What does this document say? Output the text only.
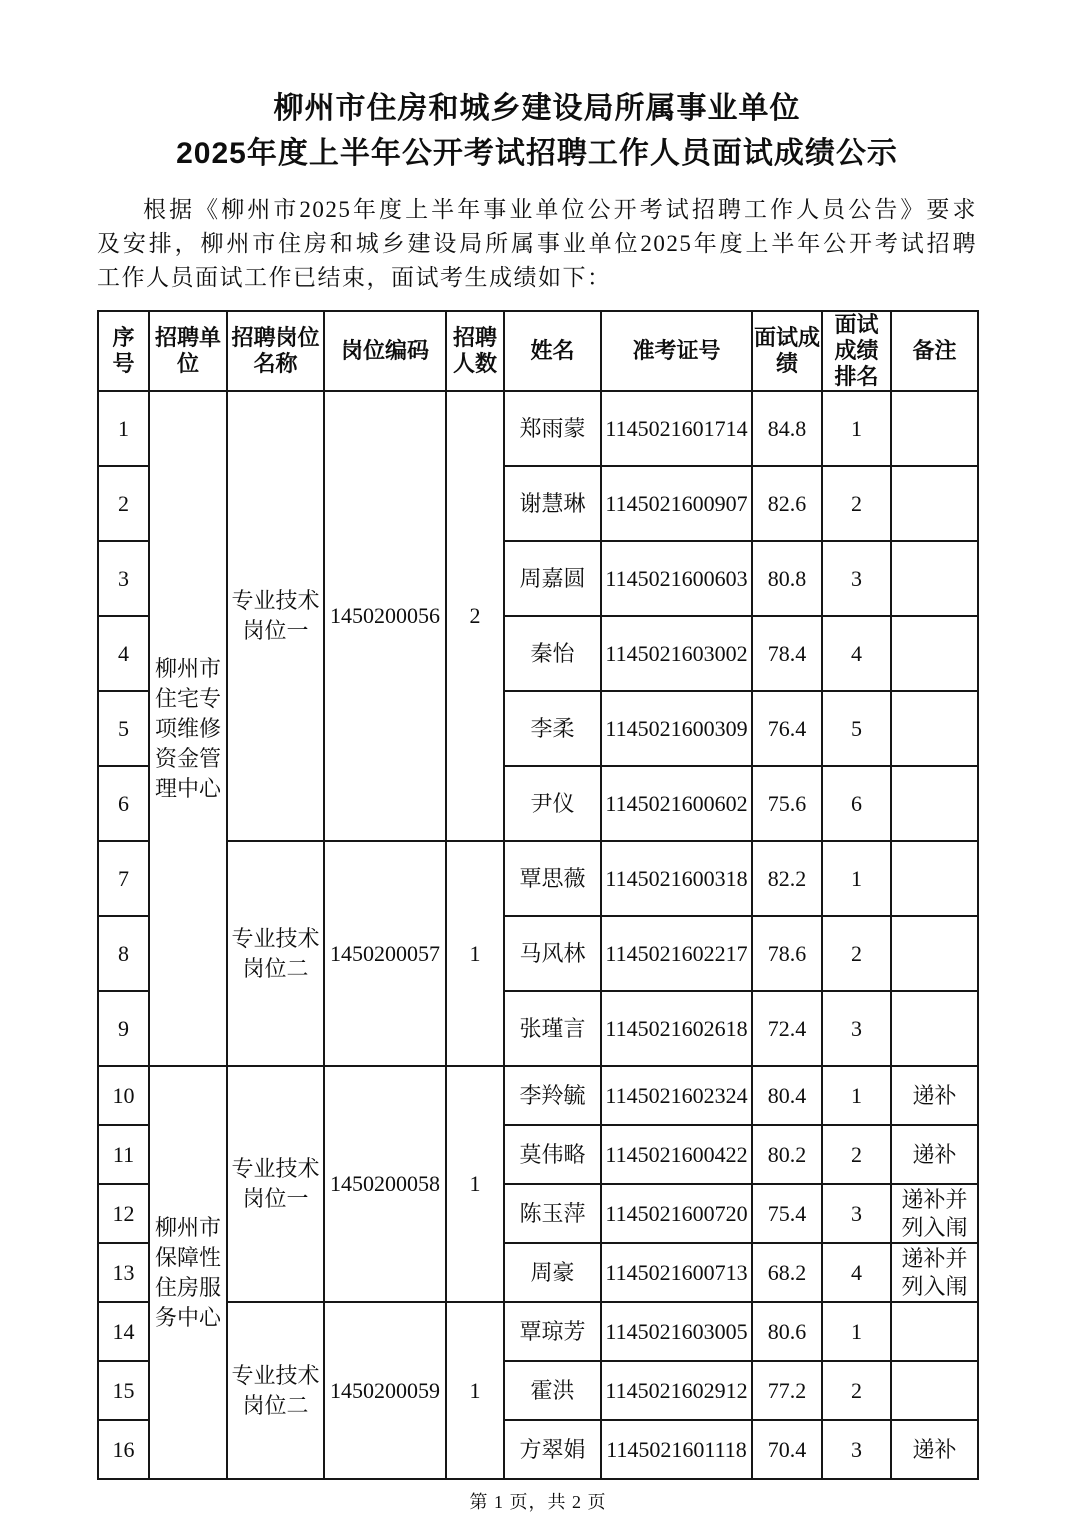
柳州市住房和城乡建设局所属事业单位
2025年度上半年公开考试招聘工作人员面试成绩公示
根据《柳州市2025年度上半年事业单位公开考试招聘工作人员公告》要求
及安排，柳州市住房和城乡建设局所属事业单位2025年度上半年公开考试招聘
工作人员面试工作已结束，面试考生成绩如下：
序号	招聘单位	招聘岗位名称	岗位编码	招聘人数	姓名	准考证号	面试成绩	面试成绩排名	备注
1	柳州市住宅专项维修资金管理中心	专业技术岗位一	1450200056	2	郑雨蒙	1145021601714	84.8	1	
2					谢慧琳	1145021600907	82.6	2	
3					周嘉圆	1145021600603	80.8	3	
4					秦怡	1145021603002	78.4	4	
5					李柔	1145021600309	76.4	5	
6					尹仪	1145021600602	75.6	6	
7		专业技术岗位二	1450200057	1	覃思薇	1145021600318	82.2	1	
8					马风林	1145021602217	78.6	2	
9					张瑾言	1145021602618	72.4	3	
10	柳州市保障性住房服务中心	专业技术岗位一	1450200058	1	李羚毓	1145021602324	80.4	1	递补
11					莫伟略	1145021600422	80.2	2	递补
12					陈玉萍	1145021600720	75.4	3	递补并列入闱
13					周豪	1145021600713	68.2	4	递补并列入闱
14		专业技术岗位二	1450200059	1	覃琼芳	1145021603005	80.6	1	
15					霍洪	1145021602912	77.2	2	
16					方翠娟	1145021601118	70.4	3	递补
第 1 页，共 2 页
